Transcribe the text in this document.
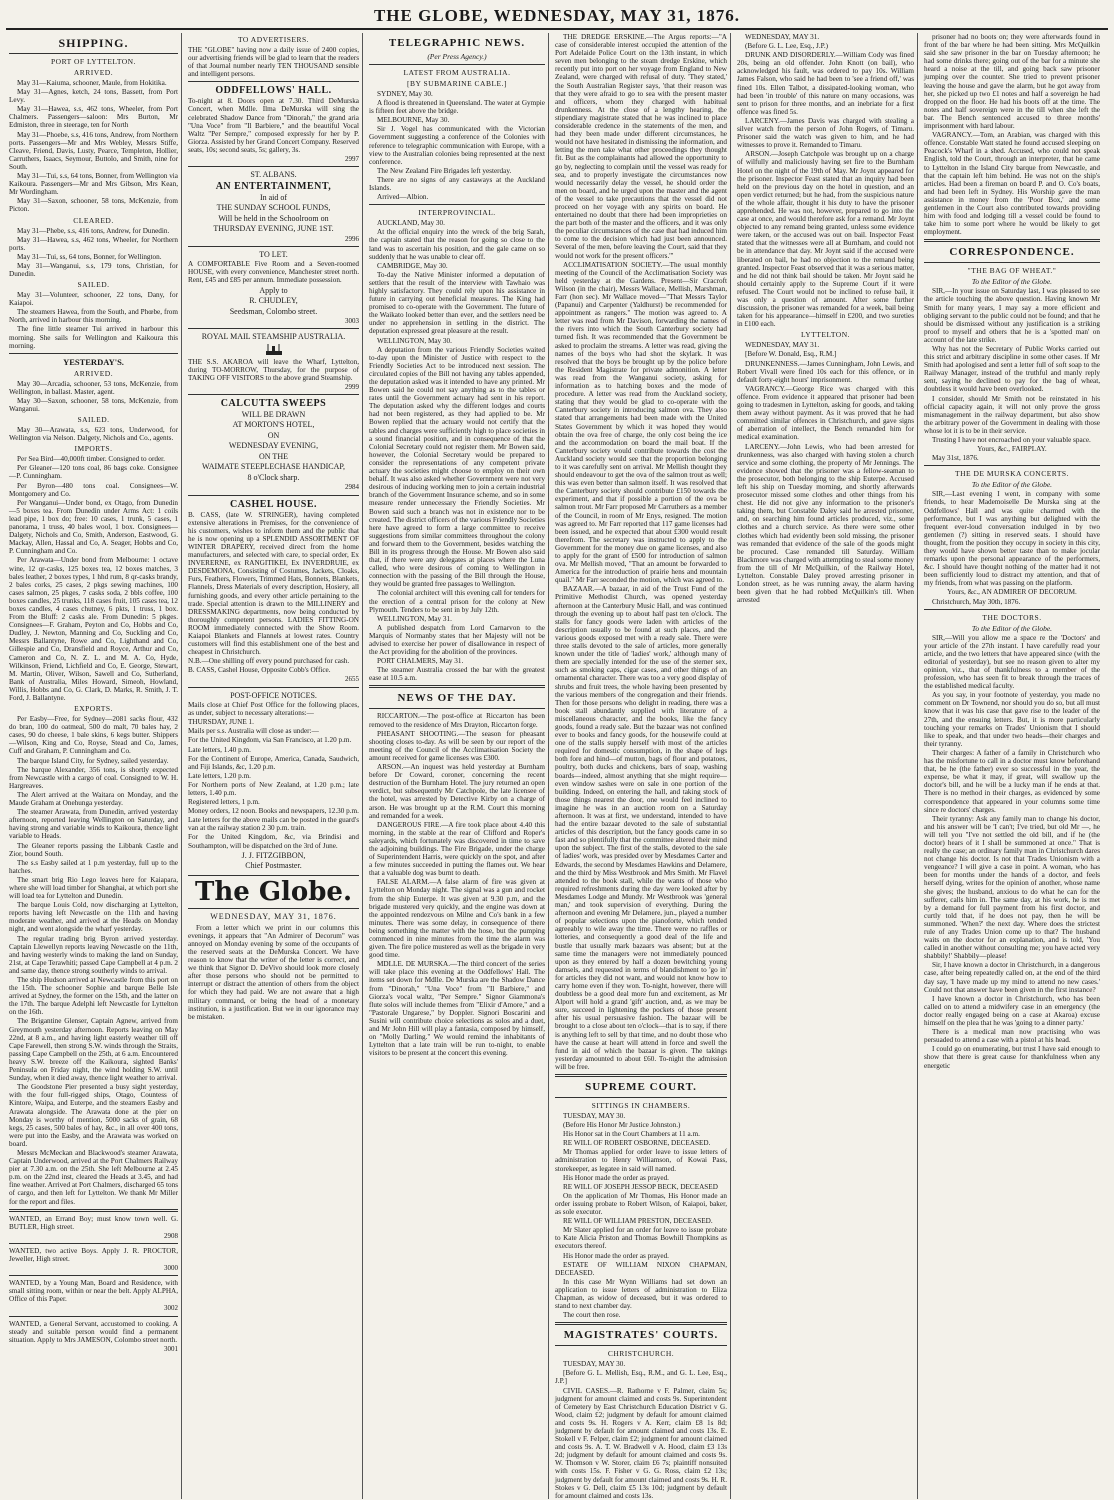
THE GLOBE, WEDNESDAY, MAY 31, 1876.
SHIPPING.
PORT OF LYTTELTON.
ARRIVED.

May 31—Kaiuma, schooner, Maule, from Hokitika.

May 31—Agnes, ketch, 24 tons, Bassett, from Port Levy.

May 31—Hawea, s.s, 462 tons, Wheeler, from Port Chalmers. Passengers—saloon: Mrs Burton, Mr Edmiston, three in steerage, ten for North

May 31—Phoebe, s.s, 416 tons, Andrew, from Northern ports. Passengers—Mr and Mrs Webley, Messrs Stiffe, Cleave, Friend, Davis, Lusty, Pearce, Templeton, Hollier, Carruthers, Isaacs, Seymour, Buttolo, and Smith, nine for South.

May 31—Tui, s.s, 64 tons, Bonner, from Wellington via Kaikoura. Passengers—Mr and Mrs Gibson, Mrs Kean, Mr Wordingham.

May 31—Saxon, schooner, 58 tons, McKenzie, from Picton.

CLEARED.

May 31—Phebe, s.s, 416 tons, Andrew, for Dunedin.

May 31—Hawea, s.s, 462 tons, Wheeler, for Northern ports.

May 31—Tui, ss, 64 tons, Bonner, for Wellington.

May 31—Wanganui, s.s, 179 tons, Christian, for Dunedin.

SAILED.

May 31—Volunteer, schooner, 22 tons, Dany, for Kaiapoi.

The steamers Hawea, from the South, and Phœbe, from North, arrived in harbour this morning.

The fine little steamer Tui arrived in harbour this morning. She sails for Wellington and Kaikoura this morning.

YESTERDAY'S.
ARRIVED.

May 30—Arcadia, schooner, 53 tons, McKenzie, from Wellington, in ballast. Master, agent.

May 30—Saxon, schooner, 58 tons, McKenzie, from Wanganui.

SAILED.

May 30—Arawata, s.s, 623 tons, Underwood, for Wellington via Nelson. Dalgety, Nichols and Co., agents.

IMPORTS.

Per Sea Bird—40,000ft timber. Consigned to order.

Per Gleaner—120 tons coal, 86 bags coke. Consignee—P. Cunningham.

Per Byron—480 tons coal. Consignees—W. Montgomery and Co.

Per Wanganui—Under bond, ex Otago, from Dunedin—5 boxes tea. From Dunedin under Arms Act: 1 coils lead pipe, 1 box do; free: 10 cases, 1 trunk, 5 cases, 1 panorama, 1 truss, 40 bales wool, 1 box. Consignees—Dalgety, Nichols and Co, Smith, Anderson, Eastwood, G. Mackay, Allen, Hassal and Co, A. Seager, Hobbs and Co, P. Cunningham and Co.

Per Arawata—Under bond from Melbourne: 1 octave wine, 12 qr-casks, 125 boxes tea, 12 boxes matches, 3 bales leather, 2 boxes types, 1 hhd rum, 8 qr-casks brandy, 2 bales corks, 25 cases, 2 pkgs sewing machines, 100 cases salmon, 25 pkges, 7 casks soda, 2 bbls coffee, 100 boxes candles, 25 trunks, 118 cases fruit, 105 cases tea, 12 boxes candles, 4 cases chutney, 6 pkts, 1 truss, 1 box. From the Bluff: 2 casks ale. From Dunedin: 5 pkges. Consignees—F. Graham, Peyton and Co, Hobbs and Co, Dudley, J. Newton, Manning and Co, Suckling and Co, Messrs Ballantyne, Rowe and Co, Lighthand and Co, Gillespie and Co, Dransfield and Royce, Arthur and Co, Cameron and Co, N. Z. L. and M. A. Co, Hyde, Wilkinson, Friend, Lichfield and Co, E. George, Stewart, M. Martin, Oliver, Wilson, Sawell and Co, Sutherland, Bank of Australia, Miles Howard, Simeoh, Howland, Willis, Hobbs and Co, G. Clark, D. Marks, R. Smith, J. T. Ford, J. Ballantyne.

EXPORTS.

Per Easby—Free, for Sydney—2081 sacks flour, 432 do bran, 100 do oatmeal, 500 do malt, 70 bales hay, 2 cases, 90 do cheese, 1 bale skins, 6 kegs butter. Shippers—Wilson, King and Co, Royse, Stead and Co, James, Cuff and Graham, P. Cunningham and Co.

The barque Island City, for Sydney, sailed yesterday.

The barque Alexander, 356 tons, is shortly expected from Newcastle with a cargo of coal. Consigned to W. H. Hargreaves.

The Alert arrived at the Waitara on Monday, and the Maude Graham at Onehunga yesterday.

The steamer Arawata, from Dunedin, arrived yesterday afternoon, reported leaving Wellington on Saturday, and having strong and variable winds to Kaikoura, thence light variable to Heads.

The Gleaner reports passing the Libbank Castle and Zior, bound South.

The s.s Easby sailed at 1 p.m yesterday, full up to the hatches.

The smart brig Rio Lego leaves here for Kaiapara, where she will load timber for Shanghai, at which port she will load tea for Lyttelton and Dunedin.

The barque Louis Cold, now discharging at Lyttelton, reports having left Newcastle on the 11th and having moderate weather, and arrived at the Heads on Monday night, and went alongside the wharf yesterday.

The regular trading brig Byron arrived yesterday. Captain Llewellyn reports leaving Newcastle on the 11th, and having westerly winds to making the land on Sunday, 21st, at Cape Terawhiti; passed Cape Campbell at 4 p.m. 2 and same day, thence strong southerly winds to arrival.

The ship Hudson arrived at Newcastle from this port on the 15th. The schooner Sophie and barque Belle Isle arrived at Sydney, the former on the 15th, and the latter on the 17th. The barque Adelphi left Newcastle for Lyttelton on the 16th.

The Brigantine Glenser, Captain Agnew, arrived from Greymouth yesterday afternoon. Reports leaving on May 22nd, at 8 a.m., and having light easterly weather till off Cape Farewell, then strong S.W. winds through the Straits, passing Cape Campbell on the 25th, at 6 a.m. Encountered heavy S.W. breeze off the Kaikoura, sighted Banks' Peninsula on Friday night, the wind holding S.W. until Sunday, when it died away, thence light weather to arrival.

The Goodstone Pier presented a busy sight yesterday, with the four full-rigged ships, Otago, Countess of Kintore, Waipa, and Euterpe, and the steamers Easby and Arawata alongside. The Arawata done at the pier on Monday is worthy of mention, 5000 sacks of grain, 68 kegs, 25 cases, 500 bales of hay, &c., in all over 400 tons, were put into the Easby, and the Arawata was worked on board.

Messrs McMeckan and Blackwood's steamer Arawata, Captain Underwood, arrived at the Port Chalmers Railway pier at 7.30 a.m. on the 25th. She left Melbourne at 2.45 p.m. on the 22nd inst, cleared the Heads at 3.45, and had fine weather. Arrived at Port Chalmers, discharged 65 tons of cargo, and then left for Lyttelton. We thank Mr Miller for the report and files.

WANTED, an Errand Boy; must know town well. G. BUTLER, High street.

2908

WANTED, two active Boys. Apply J. R. PROCTOR, Jeweller, High street.

3000

WANTED, by a Young Man, Board and Residence, with small sitting room, within or near the belt. Apply ALPHA, Office of this Paper.

3002

WANTED, a General Servant, accustomed to cooking. A steady and suitable person would find a permanent situation. Apply to Mrs JAMESON, Colombo street north.

3001

TO ADVERTISERS.

THE "GLOBE" having now a daily issue of 2400 copies, our advertising friends will be glad to learn that the readers of that Journal number nearly TEN THOUSAND sensible and intelligent persons.

ODDFELLOWS' HALL.

To-night at 8. Doors open at 7.30. Third DeMurska Concert, when Mdlle. Ilma DeMurska will sing the celebrated Shadow Dance from "Dinorah," the grand aria "Una Voce" from "Il Barbiere," and the beautiful Vocal Waltz "Per Sempre," composed expressly for her by P. Giorza. Assisted by her Grand Concert Company. Reserved seats, 10s; second seats, 5s; gallery, 3s.

2997

ST. ALBANS.

AN ENTERTAINMENT,

In aid of

THE SUNDAY SCHOOL FUNDS,

Will be held in the Schoolroom on

THURSDAY EVENING, JUNE 1ST.

2996

TO LET.

A COMFORTABLE Five Room and a Seven-roomed HOUSE, with every convenience, Manchester street north. Rent, £45 and £85 per annum. Immediate possession.

Apply to

R. CHUDLEY,

Seedsman, Colombo street.

3003

ROYAL MAIL STEAMSHIP AUSTRALIA.

THE S.S. AKAROA will leave the Wharf, Lyttelton, during TO-MORROW, Thursday, for the purpose of TAKING OFF VISITORS to the above grand Steamship.

2999

CALCUTTA SWEEPS

WILL BE DRAWN

AT MORTON'S HOTEL,

ON

WEDNESDAY EVENING,

ON THE

WAIMATE STEEPLECHASE HANDICAP,

8 o'Clock sharp.

2984

CASHEL HOUSE.

B. CASS, (late W. STRINGER), having completed extensive alterations in Premises, for the convenience of his customers, wishes to inform them and the public that he is now opening up a SPLENDID ASSORTMENT OF WINTER DRAPERY, received direct from the home manufacturers, and selected with care, to special order, Ex INVERERNE, ex RANGITIKEI, Ex INVERDRUIE, ex DESDEMONA, Consisting of Costumes, Jackets, Cloaks, Furs, Feathers, Flowers, Trimmed Hats, Bonnets, Blankets, Flannels, Dress Materials of every description, Hosiery, all furnishing goods, and every other article pertaining to the trade. Special attention is drawn to the MILLINERY and DRESSMAKING departments, now being conducted by thoroughly competent persons. LADIES FITTING-ON ROOM immediately connected with the Show Room. Kaiapoi Blankets and Flannels at lowest rates. Country customers will find this establishment one of the best and cheapest in Christchurch.

N.B.—One shilling off every pound purchased for cash.

B. CASS, Cashel House, Opposite Cobb's Office.

2655

POST-OFFICE NOTICES.

Mails close at Chief Post Office for the following places, as under, subject to necessary alterations:—

THURSDAY, JUNE 1.

Mails per s.s. Australia will close as under:—

For the United Kingdom, via San Francisco, at 1.20 p.m.

Late letters, 1.40 p.m.

For the Continent of Europe, America, Canada, Saudwich, and Fiji Islands, &c, 1.20 p.m.

Late letters, 1.20 p.m.

For Northern ports of New Zealand, at 1.20 p.m.; late letters, 1.40 p.m.

Registered letters, 1 p.m.

Money orders, 12 noon. Books and newspapers, 12.30 p.m.

Late letters for the above mails can be posted in the guard's van at the railway station 2 30 p.m. train.

For the United Kingdom, &c, via Brindisi and Southampton, will be dispatched on the 3rd of June.

J. J. FITZGIBBON,

Chief Postmaster.

The Globe.
WEDNESDAY, MAY 31, 1876.

From a letter which we print in our columns this evenings, it appears that "An Admirer of Decorum" was annoyed on Monday evening by some of the occupants of the reserved seats at the DeMurska Concert. We have reason to know that the writer of the letter is correct, and we think that Signor D. DeVivo should look more closely after those persons who should not be permitted to interrupt or distract the attention of others from the object for which they had paid. We are not aware that a high military command, or being the head of a monetary institution, is a justification. But we in our ignorance may be mistaken.

TELEGRAPHIC NEWS.
(Per Press Agency.)
LATEST FROM AUSTRALIA.
[BY SUBMARINE CABLE.]

SYDNEY, May 30.

A flood is threatened in Queensland. The water at Gympie is fifteen feet above the bridge.

MELBOURNE, May 30.

Sir J. Vogel has communicated with the Victorian Government suggesting a conference of the Colonies with reference to telegraphic communication with Europe, with a view to the Australian colonies being represented at the next conference.

The New Zealand Fire Brigades left yesterday.

There are no signs of any castaways at the Auckland Islands.

Arrived—Albion.

INTERPROVINCIAL.

AUCKLAND, May 30.

At the official enquiry into the wreck of the brig Sarah, the captain stated that the reason for going so close to the land was to ascertain his position, and the gale came on so suddenly that he was unable to clear off.

CAMBRIDGE, May 30.

To-day the Native Minister informed a deputation of settlers that the result of the interview with Tawhaio was highly satisfactory. They could rely upon his assistance in future in carrying out beneficial measures. The King had promised to co-operate with the Government. The future of the Waikato looked better than ever, and the settlers need be under no apprehension in settling in the district. The deputation expressed great pleasure at the result.

WELLINGTON, May 30.

A deputation from the various Friendly Societies waited to-day upon the Minister of Justice with respect to the Friendly Societies Act to be introduced next session. The circulated copies of the Bill not having any tables appended, the deputation asked was it intended to have any printed. Mr Bowen said he could not say anything as to the tables or rates until the Government actuary had sent in his report. The deputation asked why the different lodges and courts had not been registered, as they had applied to be. Mr Bowen replied that the actuary would not certify that the tables and charges were sufficiently high to place societies in a sound financial position, and in consequence of that the Colonial Secretary could not register them. Mr Bowen said, however, the Colonial Secretary would be prepared to consider the representations of any competent private actuary the societies might choose to employ on their own behalf. It was also asked whether Government were not very desirous of inducing working men to join a certain industrial branch of the Government Insurance scheme, and so in some measure render unnecessary the Friendly Societies. Mr Bowen said such a branch was not in existence nor to be created. The district officers of the various Friendly Societies here have agreed to form a large committee to receive suggestions from similar committees throughout the colony and forward them to the Government, besides watching the Bill in its progress through the House. Mr Bowen also said that, if there were any delegates at places where the Luna called, who were desirous of coming to Wellington in connection with the passing of the Bill through the House, they would be granted free passages to Wellington.

The colonial architect will this evening call for tenders for the erection of a central prison for the colony at New Plymouth. Tenders to be sent in by July 12th.

WELLINGTON, May 31.

A published despatch from Lord Carnarvon to the Marquis of Normanby states that her Majesty will not be advised to exercise her power of disallowance in respect of the Act providing for the abolition of the provinces.

PORT CHALMERS, May 31.

The steamer Australia crossed the bar with the greatest ease at 10.5 a.m.

NEWS OF THE DAY.

RICCARTON.—The post-office at Riccarton has been removed to the residence of Mrs Drayton, Riccarton forge.

PHEASANT SHOOTING.—The season for pheasant shooting closes to-day. As will be seen by our report of the meeting of the Council of the Acclimatisation Society the amount received for game licenses was £300.

ARSON.—An inquest was held yesterday at Burnham before Dr Coward, coroner, concerning the recent destruction of the Burnham Hotel. The jury returned an open verdict, but subsequently Mr Catchpole, the late licensee of the hotel, was arrested by Detective Kirby on a charge of arson. He was brought up at the R.M. Court this morning and remanded for a week.

DANGEROUS FIRE.—A fire took place about 4.40 this morning, in the stable at the rear of Clifford and Roper's saleyards, which fortunately was discovered in time to save the adjoining buildings. The Fire Brigade, under the charge of Superintendent Harris, were quickly on the spot, and after a few minutes succeeded in putting the flames out. We hear that a valuable dog was burnt to death.

FALSE ALARM.—A false alarm of fire was given at Lyttelton on Monday night. The signal was a gun and rocket from the ship Euterpe. It was given at 9.30 p.m, and the brigade mustered very quickly, and the engine was down at the appointed rendezvous on Milne and Co's bank in a few minutes. There was some delay, in consequence of there being something the matter with the hose, but the pumping commenced in nine minutes from the time the alarm was given. The fire police mustered as well as the brigade in very good time.

MDLLE. DE MURSKA.—The third concert of the series will take place this evening at the Oddfellows' Hall. The items set down for Mdlle. De Murska are the Shadow Dance from "Dinorah," "Una Voce" from "Il Barbiere," and Giorza's vocal waltz, "Per Sempre." Signor Giammona's flute solos will include themes from "Elixir d'Amore," and a "Pastorale Ungarese," by Doppler. Signori Boscarini and Susini will contribute choice selections as solos and a duet, and Mr John Hill will play a fantasia, composed by himself, on "Molly Darling." We would remind the inhabitants of Lyttelton that a late train will be run to-night, to enable visitors to be present at the concert this evening.

THE DREDGE ERSKINE.—The Argus reports:—"A case of considerable interest occupied the attention of the Port Adelaide Police Court on the 13th instant, in which seven men belonging to the steam dredge Erskine, which recently put into port on her voyage from England to New Zealand, were charged with refusal of duty. 'They stated,' the South Australian Register says, 'that their reason was that they were afraid to go to sea with the present master and officers, whom they charged with habitual drunkenness. At the close of a lengthy hearing, the stipendiary magistrate stated that he was inclined to place considerable credence in the statements of the men, and had they been made under different circumstances, he would not have hesitated in dismissing the information, and letting the men take what other proceedings they thought fit. But as the complainants had allowed the opportunity to go by, neglecting to complain until the vessel was ready for sea, and to properly investigate the circumstances now would necessarily delay the vessel, he should order the men on board, and he urged upon the master and the agent of the vessel to take precautions that the vessel did not proceed on her voyage with any spirits on board. He entertained no doubt that there had been improprieties on the part both of the master and the officers, and it was only the peculiar circumstances of the case that had induced him to come to the decision which had just been announced. Several of the men, before leaving the Court, said that they would not work for the present officers.'"

ACCLIMATISATION SOCIETY.—The usual monthly meeting of the Council of the Acclimatisation Society was held yesterday at the Gardens. Present—Sir Cracroft Wilson (in the chair), Messrs Wallace, Mellish, Marshman, Farr (hon sec). Mr Wallace moved—"That Messrs Taylor (Papanui) and Carpenter (Yaldhurst) be recommended for appointment as rangers." The motion was agreed to. A letter was read from Mr Davison, forwarding the names of the rivers into which the South Canterbury society had turned fish. It was recommended that the Government be asked to proclaim the streams. A letter was read, giving the names of the boys who had shot the skylark. It was resolved that the boys be brought up by the police before the Resident Magistrate for private admonition. A letter was read from the Wanganui society, asking for information as to hatching boxes and the mode of procedure. A letter was read from the Auckland society, stating that they would be glad to co-operate with the Canterbury society in introducing salmon ova. They also stated that arrangements had been made with the United States Government by which it was hoped they would obtain the ova free of charge, the only cost being the ice and the accommodation on board the mail boat. If the Canterbury society would contribute towards the cost the Auckland society would see that the proportion belonging to it was carefully sent on arrival. Mr Mellish thought they should endeavour to get the ova of the salmon trout as well; this was even better than salmon itself. It was resolved that the Canterbury society should contribute £150 towards the experiment, and that if possible a portion of the ova be salmon trout. Mr Farr proposed Mr Carruthers as a member of the Council, in room of Mr Enys, resigned. The motion was agreed to. Mr Farr reported that 117 game licenses had been issued, and he expected that about £300 would result therefrom. The secretary was instructed to apply to the Government for the money due on game licenses, and also to apply for the grant of £500 for introduction of salmon ova. Mr Mellish moved, "That an amount be forwarded to America for the introduction of prairie hens and mountain quail." Mr Farr seconded the motion, which was agreed to.

BAZAAR.—A bazaar, in aid of the Trust Fund of the Primitive Methodist Church, was opened yesterday afternoon at the Canterbury Music Hall, and was continued through the evening up to about half past ten o'clock. The stalls for fancy goods were laden with articles of the description usually to be found at such places, and the various goods exposed met with a ready sale. There were three stalls devoted to the sale of articles, more generally known under the title of 'ladies' work,' although many of them are specially intended for the use of the sterner sex, such as smoking caps, cigar cases, and other things of an ornamental character. There was too a very good display of shrubs and fruit trees, the whole having been presented by the various members of the congregation and their friends. Then for those persons who delight in reading, there was a book stall abundantly supplied with literature of a miscellaneous character, and the books, like the fancy goods, found a ready sale. But the bazaar was not confined ever to books and fancy goods, for the housewife could at one of the stalls supply herself with most of the articles required for domestic consumption, in the shape of legs both fore and hind—of mutton, bags of flour and potatoes, poultry, both ducks and chickens, bars of soap, washing boards—indeed, almost anything that she might require—even window sashes were on sale in one portion of the building. Indeed, on entering the hall, and taking stock of those things nearest the door, one would feel inclined to imagine he was in an auction room on a Saturday afternoon. It was at first, we understand, intended to have had the entire bazaar devoted to the sale of substantial articles of this description, but the fancy goods came in so fast and so plentifully that the committee altered their mind upon the subject. The first of the stalls, devoted to the sale of ladies' work, was presided over by Mesdames Carter and Edwards, the second by Mesdames Hawkins and Delamere, and the third by Miss Westbrook and Mrs Smith. Mr Flavel attended to the book stall, while the wants of those who required refreshments during the day were looked after by Mesdames Lodge and Mundy. Mr Westbrook was 'general man,' and took supervision of everything. During the afternoon and evening Mr Delamere, jun., played a number of popular selections upon the pianoforte, which tended agreeably to wile away the time. There were no raffles or lotteries, and consequently a good deal of the life and bustle that usually mark bazaars was absent; but at the same time the managers were not immediately pounced upon as they entered by half a dozen bewitching young damsels, and requested in terms of blandishment to 'go in' for articles they did not want, and would not know how to carry home even if they won. To-night, however, there will doubtless be a good deal more fun and excitement, as Mr Alport will hold a grand 'gift' auction, and, as we may be sure, succeed in lightening the pockets of those present after his usual persuasive fashion. The bazaar will be brought to a close about ten o'clock—that is to say, if there is anything left to sell by that time, and no doubt those who have the cause at heart will attend in force and swell the fund in aid of which the bazaar is given. The takings yesterday amounted to about £60. To-night the admission will be free.

SUPREME COURT.
SITTINGS IN CHAMBERS.

TUESDAY, MAY 30.

(Before His Honor Mr Justice Johnston.)

His Honor sat in the Court Chambers at 11 a.m.

RE WILL OF ROBERT OSBORNE, DECEASED.

Mr Thomas applied for order leave to issue letters of administration to Henry Williamson, of Kowai Pass, storekeeper, as legatee in said will named.

His Honor made the order as prayed.

RE WILL OF JOSEPH JESSOP BECK, DECEASED

On the application of Mr Thomas, His Honor made an order issuing probate to Robert Wilson, of Kaiapoi, baker, as sole executor.

RE WILL OF WILLIAM PRESTON, DECEASED.

Mr Slater applied for an order for leave to issue probate to Kate Alicia Priston and Thomas Bowhill Thompkins as executors thereof.

His Honor made the order as prayed.

ESTATE OF WILLIAM NIXON CHAPMAN, DECEASED.

In this case Mr Wynn Williams had set down an application to issue letters of administration to Eliza Chapman, as widow of deceased, but it was ordered to stand to next chamber day.

The court then rose.

MAGISTRATES' COURTS.
CHRISTCHURCH.

TUESDAY, MAY 30.

[Before G. L. Mellish, Esq., R.M., and G. L. Lee, Esq., J.P.]

CIVIL CASES.—R. Rathorne v F. Palmer, claim 5s; judgment for amount claimed and costs 9s. Superintendent of Cemetery by East Christchurch Education District v G. Wood, claim £2; judgment by default for amount claimed and costs 9s. H. Rogers v A. Kerr, claim £8 1s 8d; judgment by default for amount claimed and costs 13s. E. Stokell v F. Felper, claim £2; judgment for amount claimed and costs 9s. A. T. W. Bradwell v A. Hood, claim £3 13s 2d; judgment by default for amount claimed and costs 9s. W. Thomson v W. Storer, claim £6 7s; plaintiff nonsuited with costs 15s. F. Fisher v G. G. Ross, claim £2 13s; judgment by default for amount claimed and costs 9s. H. R. Stokes v G. Dell, claim £5 13s 10d; judgment by default for amount claimed and costs 13s.

WEDNESDAY, MAY 31.

(Before G. L. Lee, Esq., J.P.)

DRUNK AND DISORDERLY.—William Cody was fined 20s, being an old offender. John Knott (on bail), who acknowledged his fault, was ordered to pay 10s. William James Falson, who said he had been to 'see a friend off,' was fined 10s. Ellen Talbot, a dissipated-looking woman, who had been 'in trouble' of this nature on many occasions, was sent to prison for three months, and an inebriate for a first offence was fined 5s.

LARCENY.—James Davis was charged with stealing a silver watch from the person of John Rogers, of Timaru. Prisoner said the watch was given to him, and he had witnesses to prove it. Remanded to Timaru.

ARSON.—Joseph Catchpole was brought up on a charge of wilfully and maliciously having set fire to the Burnham Hotel on the night of the 19th of May. Mr Joynt appeared for the prisoner. Inspector Feast stated that an inquiry had been held on the previous day on the hotel in question, and an open verdict returned; but he had, from the suspicious nature of the whole affair, thought it his duty to have the prisoner apprehended. He was not, however, prepared to go into the case at once, and would therefore ask for a remand. Mr Joynt objected to any remand being granted, unless some evidence were taken, or the accused was out on bail. Inspector Feast stated that the witnesses were all at Burnham, and could not be in attendance that day. Mr Joynt said if the accused were liberated on bail, he had no objection to the remand being granted. Inspector Feast observed that it was a serious matter, and he did not think bail should be taken. Mr Joynt said he should certainly apply to the Supreme Court if it were refused. The Court would not be inclined to refuse bail, it was only a question of amount. After some further discussion, the prisoner was remanded for a week, bail being taken for his appearance—himself in £200, and two sureties in £100 each.

LYTTELTON.

WEDNESDAY, MAY 31.

[Before W. Donald, Esq., R.M.]

DRUNKENNESS.—James Cunningham, John Lewis, and Robert Vivall were fined 10s each for this offence, or in default forty-eight hours' imprisonment.

VAGRANCY.—George Rice was charged with this offence. From evidence it appeared that prisoner had been going to tradesmen in Lyttelton, asking for goods, and taking them away without payment. As it was proved that he had committed similar offences in Christchurch, and gave signs of aberration of intellect, the Bench remanded him for medical examination.

LARCENY.—John Lewis, who had been arrested for drunkenness, was also charged with having stolen a church service and some clothing, the property of Mr Jennings. The evidence showed that the prisoner was a fellow-seaman to the prosecutor, both belonging to the ship Euterpe. Accused left his ship on Tuesday morning, and shortly afterwards prosecutor missed some clothes and other things from his chest. He did not give any information to the prisoner's taking them, but Constable Daley said he arrested prisoner, and, on searching him found articles produced, viz., some clothes and a church service. As there were some other clothes which had evidently been sold missing, the prisoner was remanded that evidence of the sale of the goods might be procured. Case remanded till Saturday. William Blackmore was charged with attempting to steal some money from the till of Mr McQuilkin, of the Railway Hotel, Lyttelton. Constable Daley proved arresting prisoner in London street, as he was running away, the alarm having been given that he had robbed McQuilkin's till. When arrested

prisoner had no boots on; they were afterwards found in front of the bar where he had been sitting. Mrs McQuilkin said she saw prisoner in the bar on Tuesday afternoon; he had some drinks there; going out of the bar for a minute she heard a noise at the till, and going back saw prisoner jumping over the counter. She tried to prevent prisoner leaving the house and gave the alarm, but he got away from her, she picked up two £1 notes and half a sovereign he had dropped on the floor. He had his boots off at the time. The notes and half sovereign were in the till when she left the bar. The Bench sentenced accused to three months' imprisonment with hard labour.

VAGRANCY.—Tom, an Arabian, was charged with this offence. Constable Watt stated he found accused sleeping on Peacock's Wharf in a shed. Accused, who could not speak English, told the Court, through an interpreter, that he came to Lyttelton in the Island City barque from Newcastle, and that the captain left him behind. He was not on the ship's articles. Had been a fireman on board P. and O. Co's boats, and had been left in Sydney. His Worship gave the man assistance in money from the 'Poor Box,' and some gentlemen in the Court also contributed towards providing him with food and lodging till a vessel could be found to take him to some port where he would be likely to get employment.

CORRESPONDENCE.
"THE BAG OF WHEAT."
To the Editor of the Globe.

SIR,—In your issue on Saturday last, I was pleased to see the article touching the above question. Having known Mr Smith for many years, I may say a more efficient and obliging servant to the public could not be found; and that he should be dismissed without any justification is a striking proof to myself and others that he is a 'spotted man' on account of the late strike.

Why has not the Secretary of Public Works carried out this strict and arbitrary discipline in some other cases. If Mr Smith had apologised and sent a letter full of soft soap to the Railway Manager, instead of the truthful and manly reply sent, saying he declined to pay for the bag of wheat, doubtless it would have been overlooked.

I consider, should Mr Smith not be reinstated in his official capacity again, it will not only prove the gross mismanagement in the railway department, but also show the arbitrary power of the Government in dealing with those whose lot it is to be in their service.

Trusting I have not encroached on your valuable space.

Yours, &c., FAIRPLAY.

May 31st, 1876.

THE DE MURSKA CONCERTS.
To the Editor of the Globe.

SIR,—Last evening I went, in company with some friends, to hear Mademoiselle De Murska sing at the Oddfellows' Hall and was quite charmed with the performance, but I was anything but delighted with the frequent ever-loud conversation indulged in by two gentlemen (?) sitting in reserved seats. I should have thought, from the position they occupy in society in this city, they would have shown better taste than to make jocular remarks upon the personal appearance of the performers, &c. I should have thought nothing of the matter had it not been sufficiently loud to distract my attention, and that of my friends, from what was passing on the platform.

Yours, &c., AN ADMIRER OF DECORUM.

Christchurch, May 30th, 1876.

THE DOCTORS.
To the Editor of the Globe.

SIR,—Will you allow me a space re the 'Doctors' and your article of the 27th instant. I have carefully read your article, and the two letters that have appeared since (with the editorial of yesterday), but see no reason given to alter my opinion, viz., that of thankfulness to a member of the profession, who has seen fit to break through the traces of the established medical faculty.

As you say, in your footnote of yesterday, you made no comment on Dr Townend, nor should you do so, but all must know that it was his case that gave rise to the leader of the 27th, and the ensuing letters. But, it is more particularly touching your remarks on Trades' Unionism that I should like to speak, and that under two heads—their charges and their tyranny.

Their charges: A father of a family in Christchurch who has the misfortune to call in a doctor must know beforehand that, be he (the father) ever so successful in the year, the expense, be what it may, if great, will swallow up the doctor's bill, and he will be a lucky man if he ends at that. There is no method in their charges, as evidenced by some correspondence that appeared in your columns some time since re doctors' charges.

Their tyranny: Ask any family man to change his doctor, and his answer will be 'I can't; I've tried, but old Mr —, he will tell you "I've not settled the old bill, and if he (the doctor) hears of it I shall be summoned at once." That is really the case; an ordinary family man in Christchurch dares not change his doctor. Is not that Trades Unionism with a vengeance? I will give a case in point. A woman, who has been for months under the hands of a doctor, and feels herself dying, writes for the opinion of another, whose name she gives; the husband, anxious to do what he can for the sufferer, calls him in. The same day, at his work, he is met by a demand for full payment from his first doctor, and curtly told that, if he does not pay, then he will be summoned. 'When?' the next day. Where does the strictest rule of any Trades Union come up to that? The husband waits on the doctor for an explanation, and is told, 'You called in another without consulting me; you have acted very shabbily!' Shabbily—please!

Sir, I have known a doctor in Christchurch, in a dangerous case, after being repeatedly called on, at the end of the third day say, 'I have made up my mind to attend no new cases.' Could not that answer have been given in the first instance?

I have known a doctor in Christchurch, who has been called on to attend a midwifery case in an emergency (the doctor really engaged being on a case at Akaroa) excuse himself on the plea that he was 'going to a dinner party.'

There is a medical man now practising who was persuaded to attend a case with a pistol at his head.

I could go on enumerating, but trust I have said enough to show that there is great cause for thankfulness when any energetic
